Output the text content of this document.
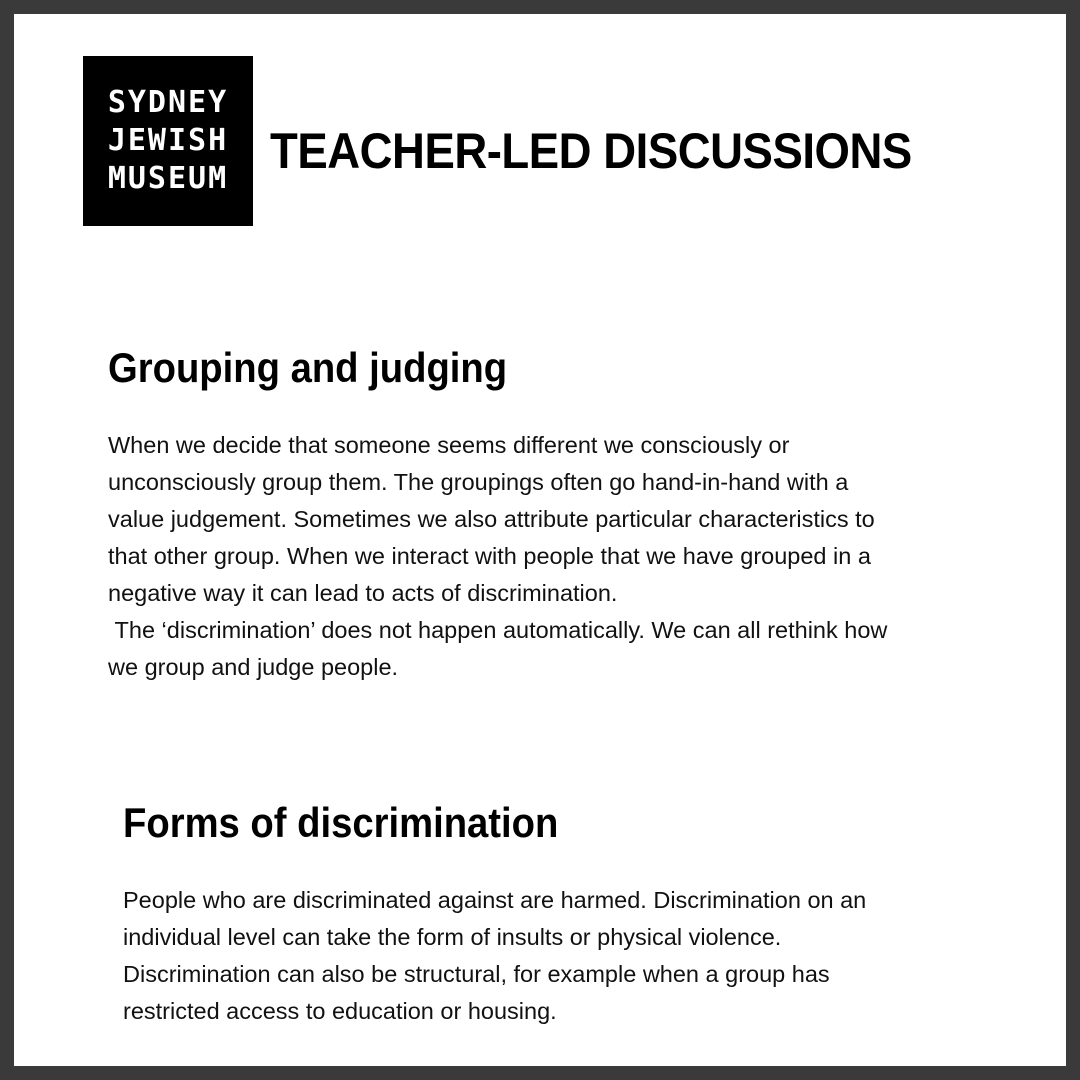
SYDNEY
JEWISH
MUSEUM TEACHER-LED DISCUSSIONS
Grouping and judging

When we decide that someone seems different we consciously or
unconsciously group them. The groupings often go hand-in-hand with a
value judgement. Sometimes we also attribute particular characteristics to
that other group. When we interact with people that we have grouped in a
negative way it can lead to acts of discrimination.
The ‘discrimination’ does not happen automatically. We can all rethink how
we group and judge people.

Forms of discrimination

People who are discriminated against are harmed. Discrimination on an
individual level can take the form of insults or physical violence.
Discrimination can also be structural, for example when a group has
restricted access to education or housing.
